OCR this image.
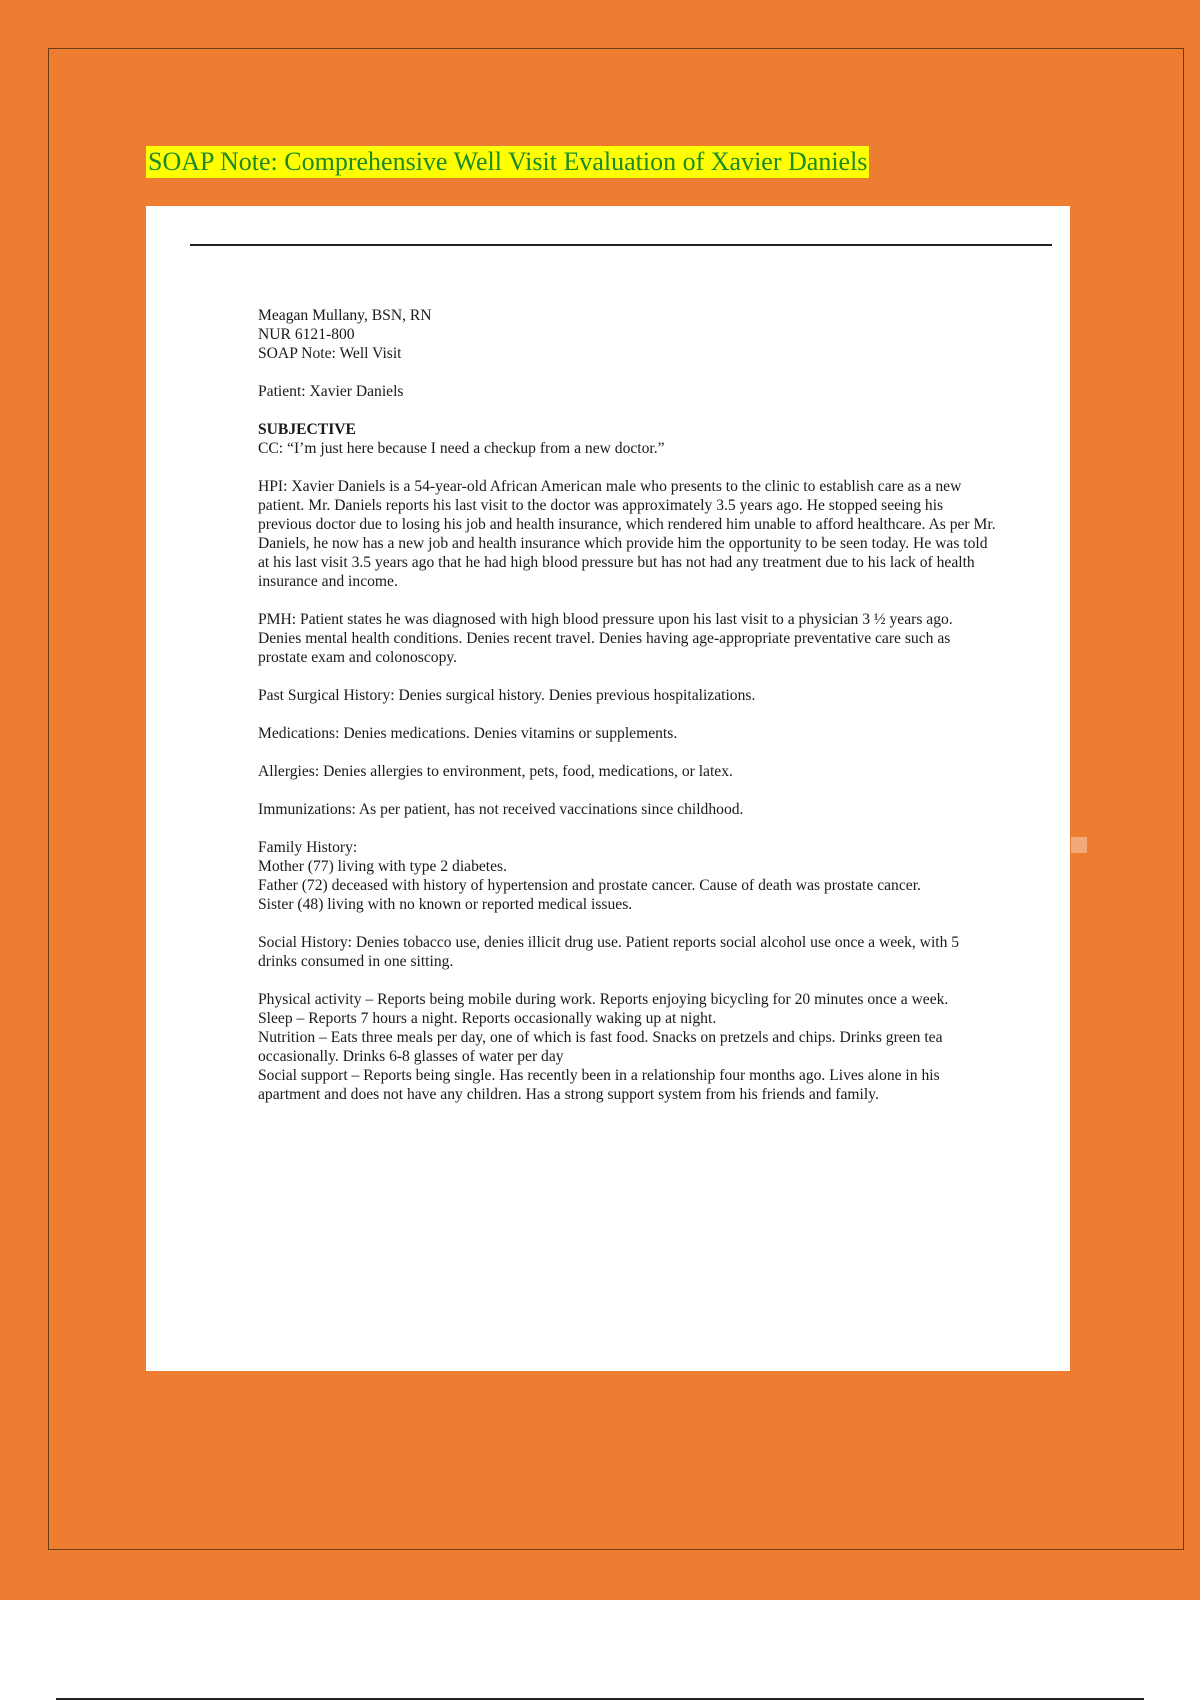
SOAP Note: Comprehensive Well Visit Evaluation of Xavier Daniels

Meagan Mullany, BSN, RN
NUR 6121-800
SOAP Note: Well Visit

Patient: Xavier Daniels

SUBJECTIVE
CC: “I’m just here because I need a checkup from a new doctor.”

HPI: Xavier Daniels is a 54-year-old African American male who presents to the clinic to establish care as a new patient. Mr. Daniels reports his last visit to the doctor was approximately 3.5 years ago. He stopped seeing his previous doctor due to losing his job and health insurance, which rendered him unable to afford healthcare. As per Mr. Daniels, he now has a new job and health insurance which provide him the opportunity to be seen today. He was told at his last visit 3.5 years ago that he had high blood pressure but has not had any treatment due to his lack of health insurance and income.

PMH: Patient states he was diagnosed with high blood pressure upon his last visit to a physician 3 ½ years ago. Denies mental health conditions. Denies recent travel. Denies having age-appropriate preventative care such as prostate exam and colonoscopy.

Past Surgical History: Denies surgical history. Denies previous hospitalizations.

Medications: Denies medications. Denies vitamins or supplements.

Allergies: Denies allergies to environment, pets, food, medications, or latex.

Immunizations: As per patient, has not received vaccinations since childhood.

Family History:
Mother (77) living with type 2 diabetes.
Father (72) deceased with history of hypertension and prostate cancer. Cause of death was prostate cancer.
Sister (48) living with no known or reported medical issues.

Social History: Denies tobacco use, denies illicit drug use. Patient reports social alcohol use once a week, with 5 drinks consumed in one sitting.

Physical activity – Reports being mobile during work. Reports enjoying bicycling for 20 minutes once a week.
Sleep – Reports 7 hours a night. Reports occasionally waking up at night.
Nutrition – Eats three meals per day, one of which is fast food. Snacks on pretzels and chips. Drinks green tea occasionally. Drinks 6-8 glasses of water per day
Social support – Reports being single. Has recently been in a relationship four months ago. Lives alone in his apartment and does not have any children. Has a strong support system from his friends and family.
